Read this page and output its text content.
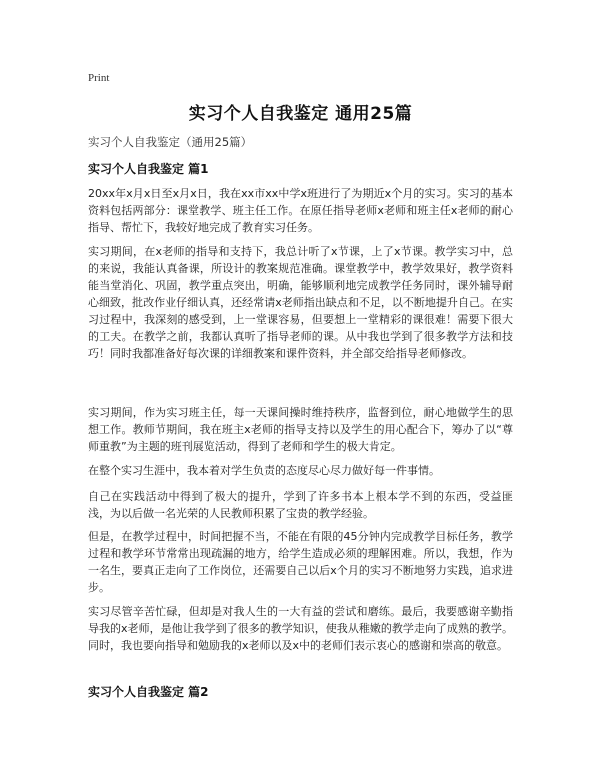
Print
实习个人自我鉴定 通用25篇
实习个人自我鉴定（通用25篇）
实习个人自我鉴定 篇1

20xx年x月x日至x月x日，我在xx市xx中学x班进行了为期近x个月的实习。实习的基本资料包括两部分：课堂教学、班主任工作。在原任指导老师x老师和班主任x老师的耐心指导、帮忙下，我较好地完成了教育实习任务。

实习期间，在x老师的指导和支持下，我总计听了x节课，上了x节课。教学实习中，总的来说，我能认真备课，所设计的教案规范准确。课堂教学中，教学效果好，教学资料能当堂消化、巩固，教学重点突出，明确，能够顺利地完成教学任务同时，课外辅导耐心细致，批改作业仔细认真，还经常请x老师指出缺点和不足，以不断地提升自己。在实习过程中，我深刻的感受到，上一堂课容易，但要想上一堂精彩的课很难！需要下很大的工夫。在教学之前，我都认真听了指导老师的课。从中我也学到了很多教学方法和技巧！同时我都准备好每次课的详细教案和课件资料，并全部交给指导老师修改。

实习期间，作为实习班主任，每一天课间操时维持秩序，监督到位，耐心地做学生的思想工作。教师节期间，我在班主x老师的指导支持以及学生的用心配合下，筹办了以“尊师重教”为主题的班刊展览活动，得到了老师和学生的极大肯定。

在整个实习生涯中，我本着对学生负责的态度尽心尽力做好每一件事情。

自己在实践活动中得到了极大的提升，学到了许多书本上根本学不到的东西，受益匪浅，为以后做一名光荣的人民教师积累了宝贵的教学经验。

但是，在教学过程中，时间把握不当，不能在有限的45分钟内完成教学目标任务，教学过程和教学环节常常出现疏漏的地方，给学生造成必须的理解困难。所以，我想，作为一名生，要真正走向了工作岗位，还需要自己以后x个月的实习不断地努力实践，追求进步。

实习尽管辛苦忙碌，但却是对我人生的一大有益的尝试和磨练。最后，我要感谢辛勤指导我的x老师，是他让我学到了很多的教学知识，使我从稚嫩的教学走向了成熟的教学。同时，我也要向指导和勉励我的x老师以及x中的老师们表示衷心的感谢和崇高的敬意。

实习个人自我鉴定 篇2
